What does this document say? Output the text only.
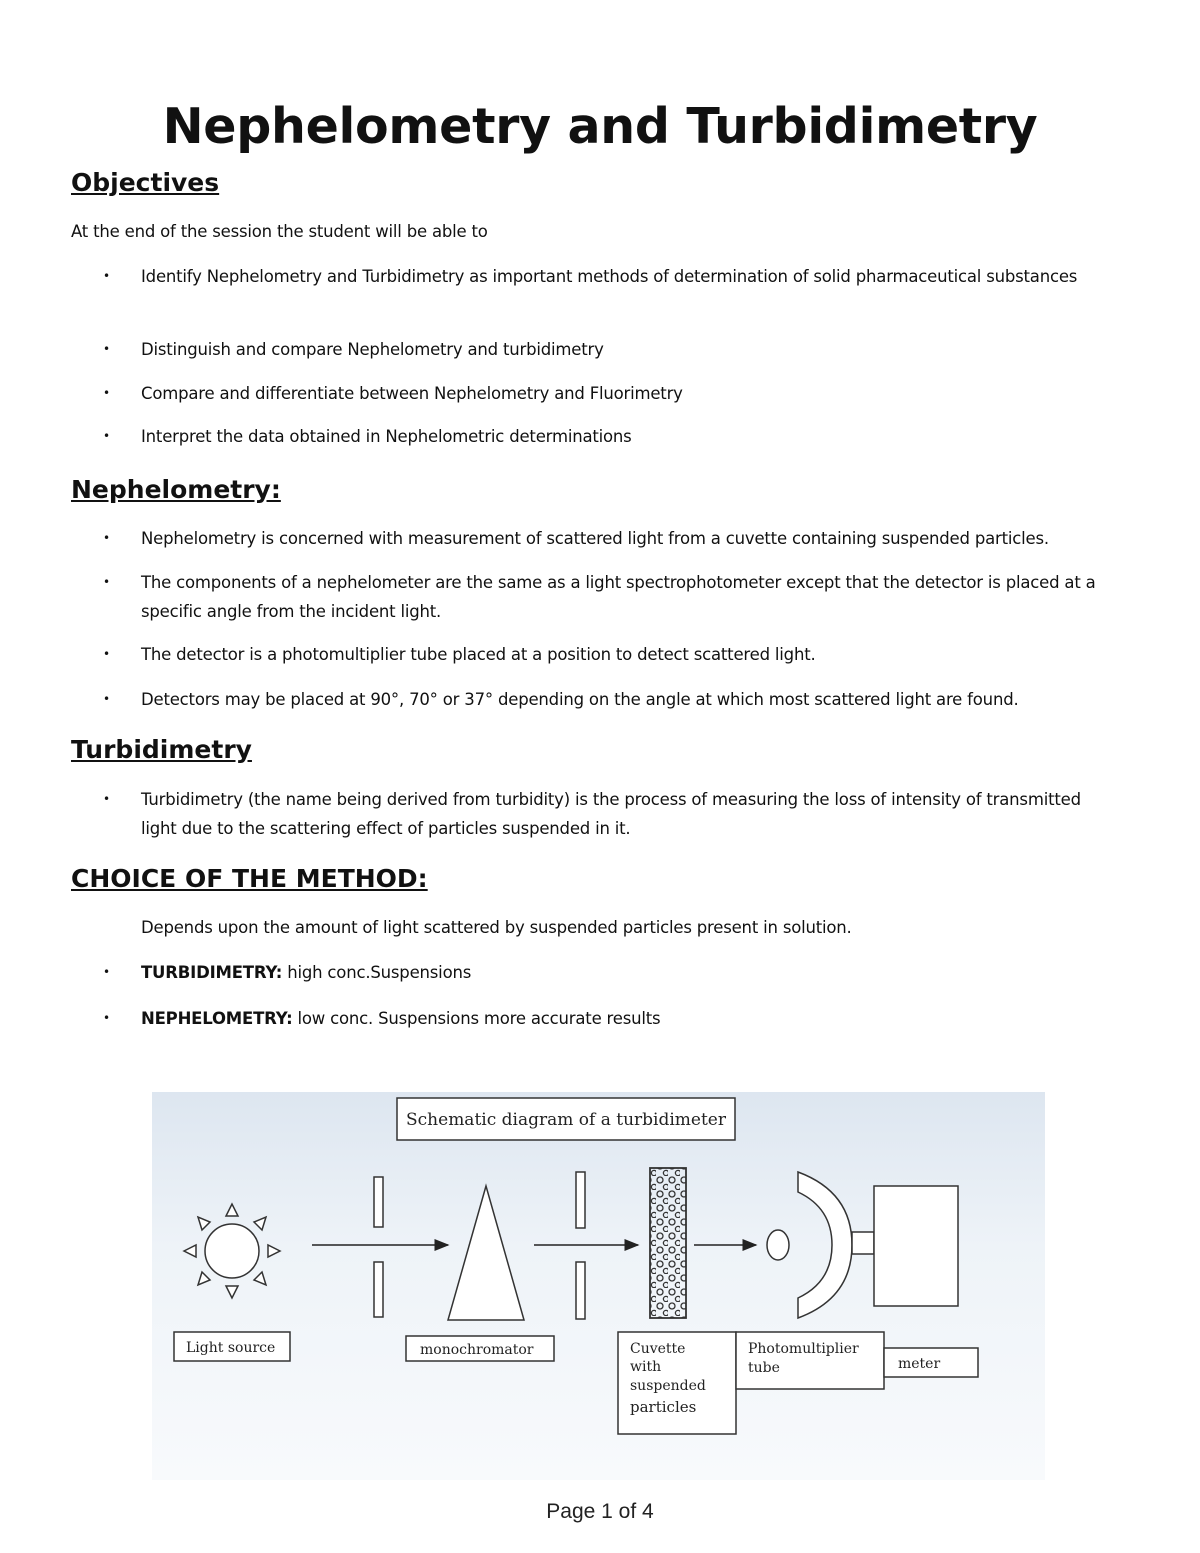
Nephelometry and Turbidimetry
Objectives

At the end of the session the student will be able to

• Identify Nephelometry and Turbidimetry as important methods of determination of solid pharmaceutical substances
• Distinguish and compare Nephelometry and turbidimetry
• Compare and differentiate between Nephelometry and Fluorimetry
• Interpret the data obtained in Nephelometric determinations
Nephelometry:
• Nephelometry is concerned with measurement of scattered light from a cuvette containing suspended particles.
• The components of a nephelometer are the same as a light spectrophotometer except that the detector is placed at a specific angle from the incident light.
• The detector is a photomultiplier tube placed at a position to detect scattered light.
• Detectors may be placed at 90°, 70° or 37° depending on the angle at which most scattered light are found.
Turbidimetry
• Turbidimetry (the name being derived from turbidity) is the process of measuring the loss of intensity of transmitted light due to the scattering effect of particles suspended in it.
CHOICE OF THE METHOD:

Depends upon the amount of light scattered by suspended particles present in solution.

• TURBIDIMETRY: high conc.Suspensions
• NEPHELOMETRY: low conc. Suspensions more accurate results
Schematic diagram of a turbidimeter
Light source	monochromator	Cuvette
with
suspended
particles
Photomultiplier
tube	meter

Page 1 of 4
